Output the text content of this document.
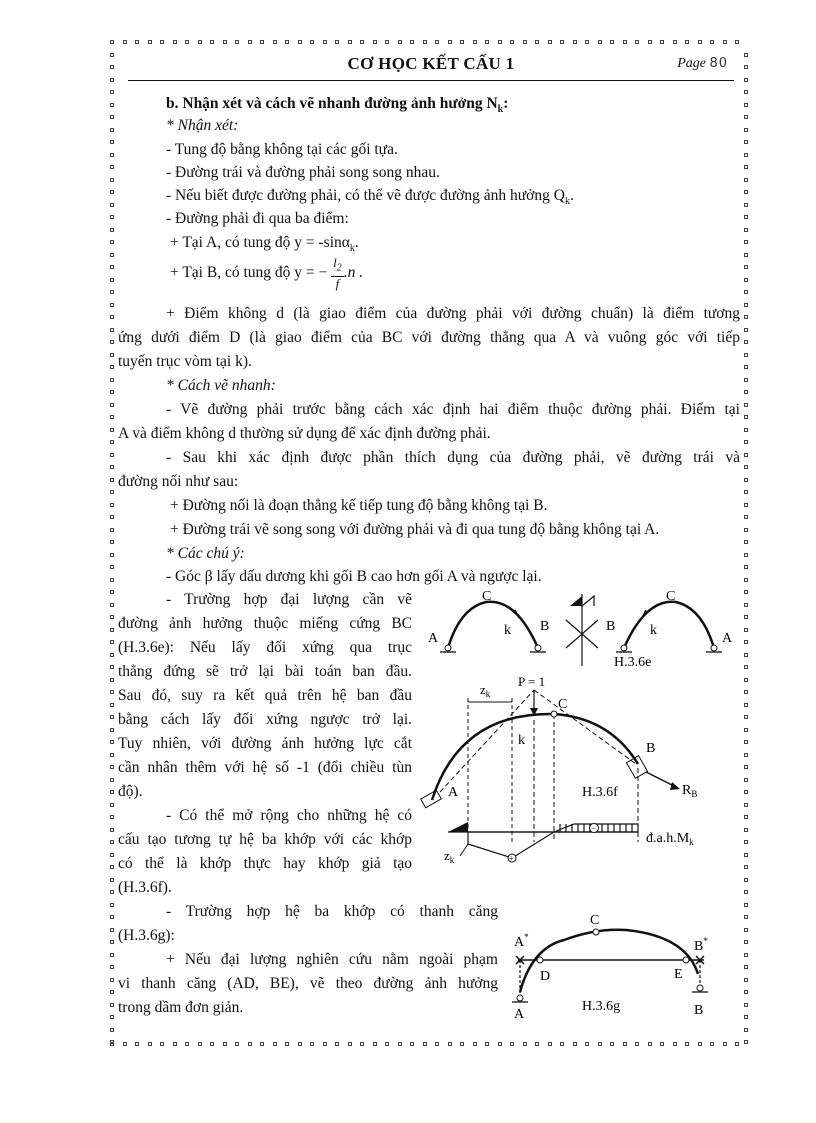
CƠ HỌC KẾT CẤU 1	Page 80
b. Nhận xét và cách vẽ nhanh đường ảnh hưởng $N_k$:
* Nhận xét:
- Tung độ bằng không tại các gối tựa.
- Đường trái và đường phải song song nhau.
- Nếu biết được đường phải, có thể vẽ được đường ảnh hưởng $Q_k$.
- Đường phải đi qua ba điểm:
+ Tại A, có tung độ y = -sinα$_k$.
+ Tại B, có tung độ y = − $\frac{l_2}{f} .n$ .
+ Điểm không d (là giao điểm của đường phải với đường chuẩn) là điểm tương
ứng dưới điểm D (là giao điểm của BC với đường thẳng qua A và vuông góc với tiếp
tuyến trục vòm tại k).
* Cách vẽ nhanh:
- Vẽ đường phải trước bằng cách xác định hai điểm thuộc đường phải. Điểm tại
A và điểm không d thường sử dụng để xác định đường phải.
- Sau khi xác định được phần thích dụng của đường phải, vẽ đường trái và
đường nối như sau:
+ Đường nối là đoạn thẳng kế tiếp tung độ bằng không tại B.
+ Đường trái vẽ song song với đường phải và đi qua tung độ bằng không tại A.
* Các chú ý:
- Góc β lấy dấu dương khi gối B cao hơn gối A và ngược lại.
- Trường hợp đại lượng cần vẽ
đường ảnh hưởng thuộc miếng cứng BC
(H.3.6e): Nếu lấy đối xứng qua trục
thẳng đứng sẽ trở lại bài toán ban đầu.
Sau đó, suy ra kết quả trên hệ ban đầu
bằng cách lấy đối xứng ngược trở lại.
Tuy nhiên, với đường ảnh hưởng lực cắt
cần nhân thêm với hệ số -1 (đổi chiều tùn
độ).
- Có thể mở rộng cho những hệ có
cấu tạo tương tự hệ ba khớp với các khớp
có thể là khớp thực hay khớp giả tạo
(H.3.6f).
- Trường hợp hệ ba khớp có thanh căng
(H.3.6g):
+ Nếu đại lượng nghiên cứu nằm ngoài phạm
vi thanh căng (AD, BE), vẽ theo đường ảnh hưởng
trong dầm đơn giản.
C
k
A
B
C
k
B
A
H.3.6e
P = 1
$z_k$
C
k
A	H.3.6f
B
$R_B$
−
+
$z_k$
$đ.a.h.M_k$
C
A*
B*
D	E
H.3.6g
A	B
